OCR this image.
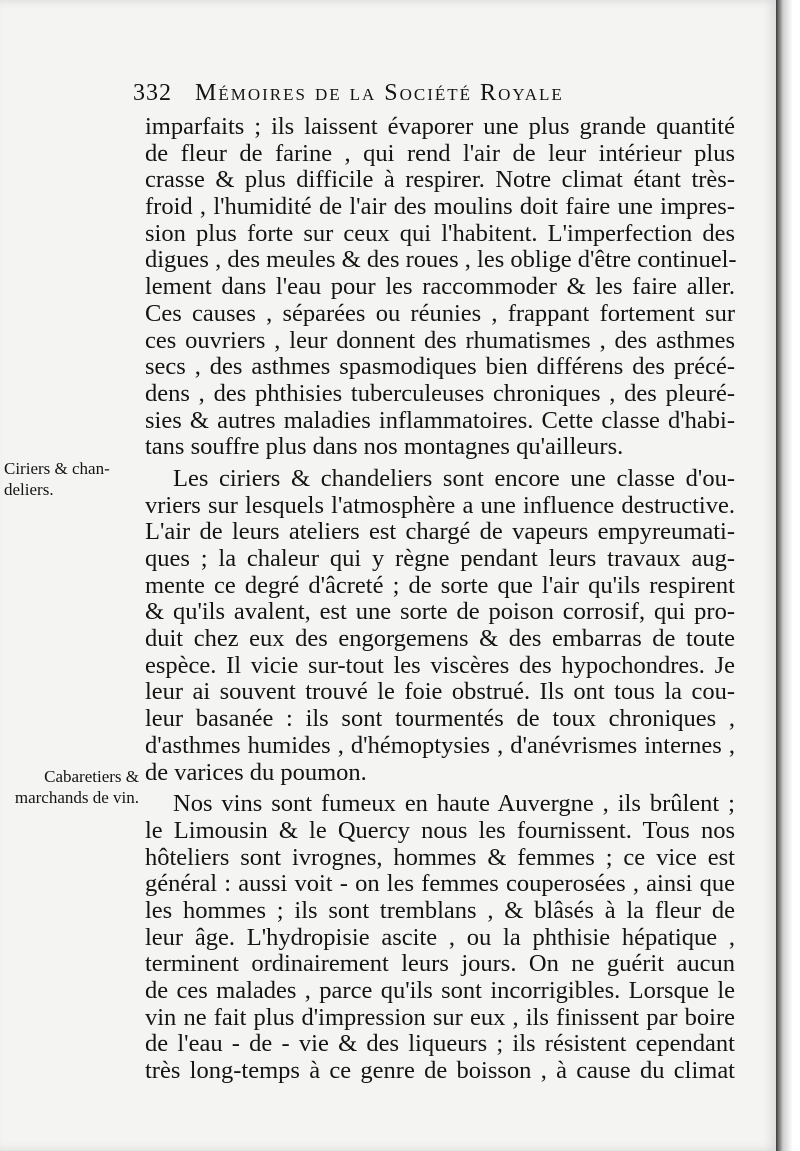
332 Mémoires de la Société Royale
Ciriers & chan-
deliers.
Cabaretiers &
marchands de vin.
imparfaits ; ils laissent évaporer une plus grande quantité
de fleur de farine , qui rend l'air de leur intérieur plus
crasse & plus difficile à respirer. Notre climat étant très-
froid , l'humidité de l'air des moulins doit faire une impres-
sion plus forte sur ceux qui l'habitent. L'imperfection des
digues , des meules & des roues , les oblige d'être continuel-
lement dans l'eau pour les raccommoder & les faire aller.
Ces causes , séparées ou réunies , frappant fortement sur
ces ouvriers , leur donnent des rhumatismes , des asthmes
secs , des asthmes spasmodiques bien différens des précé-
dens , des phthisies tuberculeuses chroniques , des pleuré-
sies & autres maladies inflammatoires. Cette classe d'habi-
tans souffre plus dans nos montagnes qu'ailleurs.
Les ciriers & chandeliers sont encore une classe d'ou-
vriers sur lesquels l'atmosphère a une influence destructive.
L'air de leurs ateliers est chargé de vapeurs empyreumati-
ques ; la chaleur qui y règne pendant leurs travaux aug-
mente ce degré d'âcreté ; de sorte que l'air qu'ils respirent
& qu'ils avalent, est une sorte de poison corrosif, qui pro-
duit chez eux des engorgemens & des embarras de toute
espèce. Il vicie sur-tout les viscères des hypochondres. Je
leur ai souvent trouvé le foie obstrué. Ils ont tous la cou-
leur basanée : ils sont tourmentés de toux chroniques ,
d'asthmes humides , d'hémoptysies , d'anévrismes internes ,
de varices du poumon.
Nos vins sont fumeux en haute Auvergne , ils brûlent ;
le Limousin & le Quercy nous les fournissent. Tous nos
hôteliers sont ivrognes, hommes & femmes ; ce vice est
général : aussi voit - on les femmes couperosées , ainsi que
les hommes ; ils sont tremblans , & blâsés à la fleur de
leur âge. L'hydropisie ascite , ou la phthisie hépatique ,
terminent ordinairement leurs jours. On ne guérit aucun
de ces malades , parce qu'ils sont incorrigibles. Lorsque le
vin ne fait plus d'impression sur eux , ils finissent par boire
de l'eau - de - vie & des liqueurs ; ils résistent cependant
très long-temps à ce genre de boisson , à cause du climat
